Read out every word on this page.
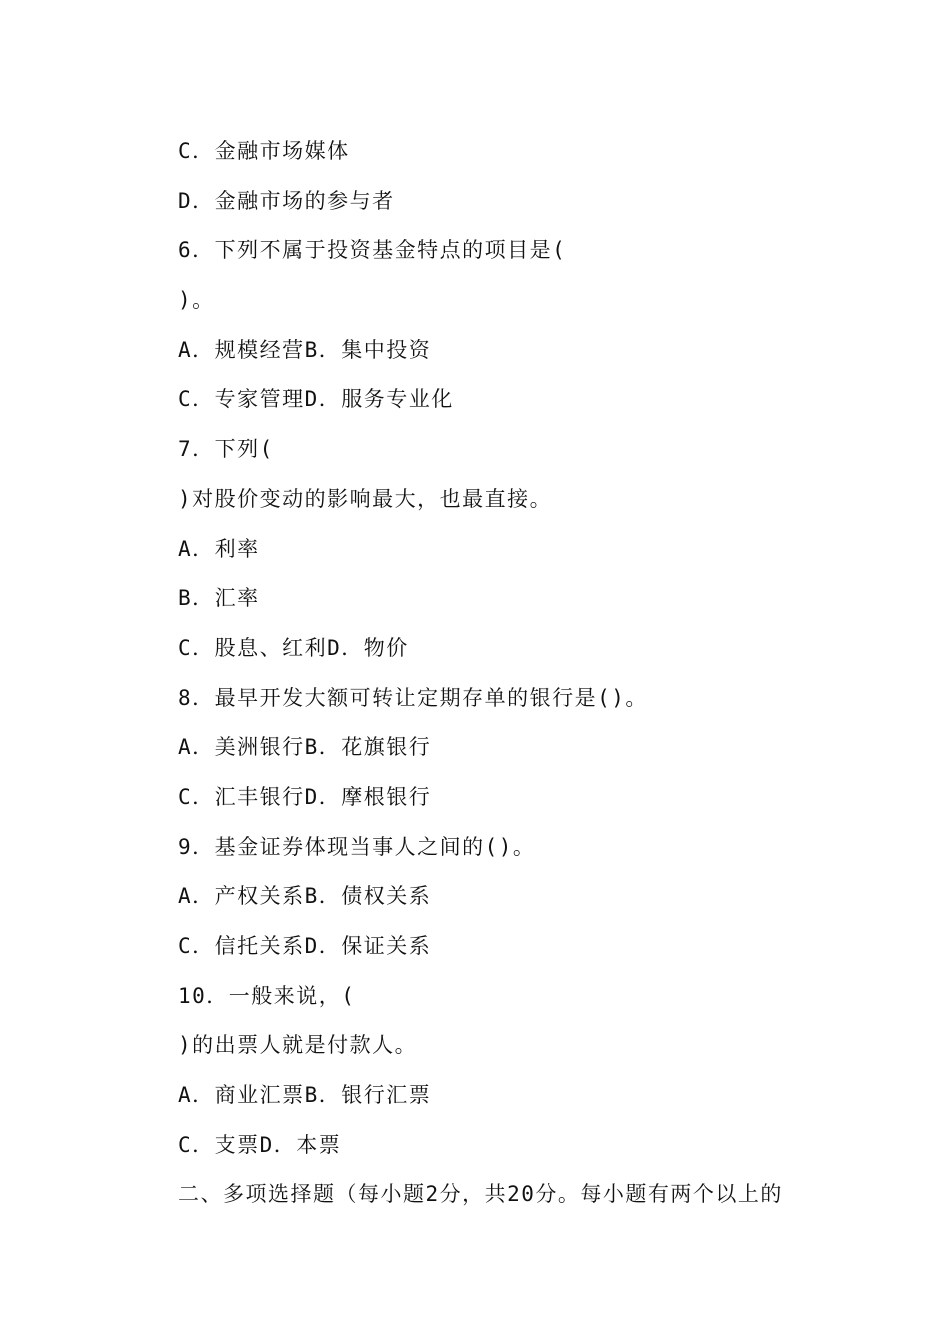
C．金融市场媒体
D．金融市场的参与者
6．下列不属于投资基金特点的项目是(
)。
A．规模经营B．集中投资
C．专家管理D．服务专业化
7．下列(
)对股价变动的影响最大，也最直接。
A．利率
B．汇率
C．股息、红利D．物价
8．最早开发大额可转让定期存单的银行是()。
A．美洲银行B．花旗银行
C．汇丰银行D．摩根银行
9．基金证券体现当事人之间的()。
A．产权关系B．债权关系
C．信托关系D．保证关系
10．一般来说，(
)的出票人就是付款人。
A．商业汇票B．银行汇票
C．支票D．本票
二、多项选择题（每小题2分，共20分。每小题有两个以上的
